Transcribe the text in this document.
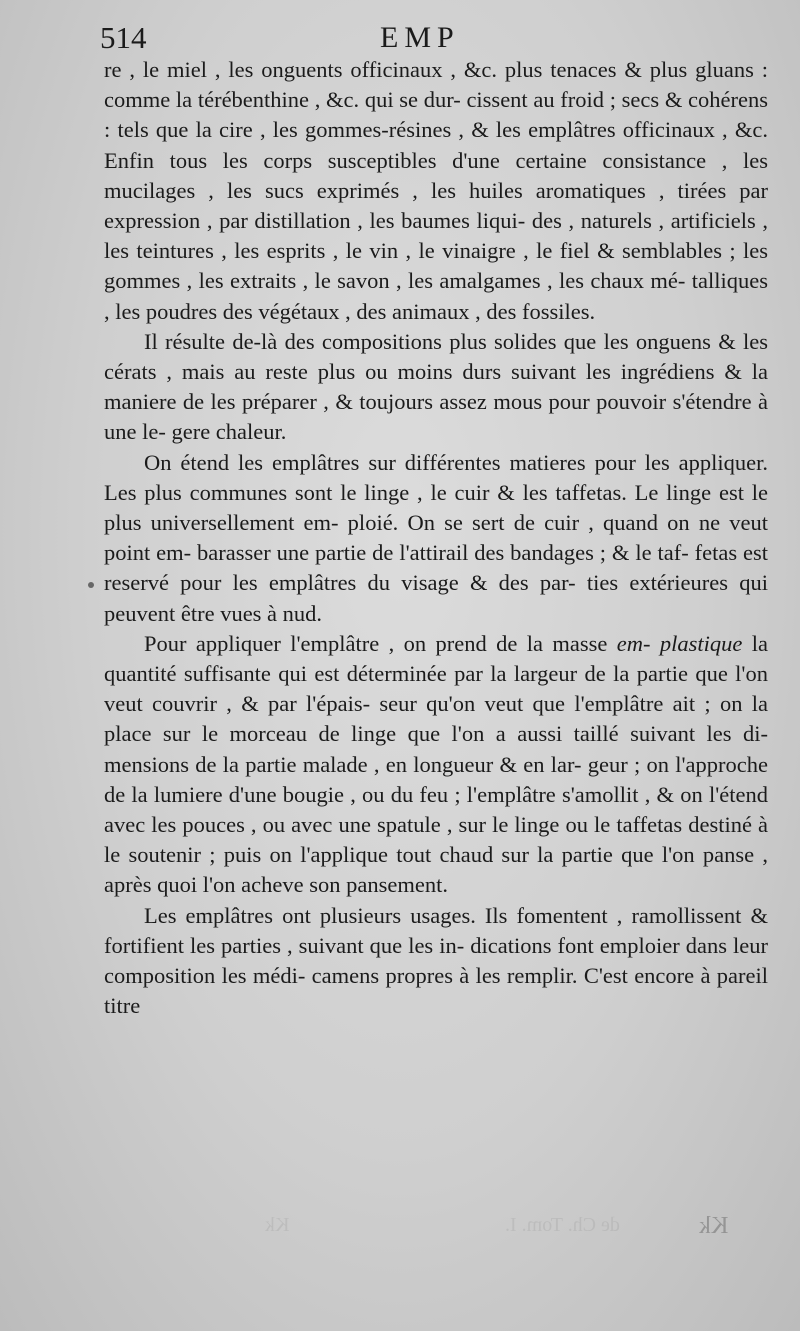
514	EMP

re , le miel , les onguents officinaux , &c. plus tenaces & plus gluans : comme la térébenthine , &c. qui se dur- cissent au froid ; secs & cohérens : tels que la cire , les gommes-résines , & les emplâtres officinaux , &c. Enfin tous les corps susceptibles d'une certaine consistance , les mucilages , les sucs exprimés , les huiles aromatiques , tirées par expression , par distillation , les baumes liqui- des , naturels , artificiels , les teintures , les esprits , le vin , le vinaigre , le fiel & semblables ; les gommes , les extraits , le savon , les amalgames , les chaux mé- talliques , les poudres des végétaux , des animaux , des fossiles.

Il résulte de-là des compositions plus solides que les onguens & les cérats , mais au reste plus ou moins durs suivant les ingrédiens & la maniere de les préparer , & toujours assez mous pour pouvoir s'étendre à une le- gere chaleur.

On étend les emplâtres sur différentes matieres pour les appliquer. Les plus communes sont le linge , le cuir & les taffetas. Le linge est le plus universellement em- ploié. On se sert de cuir , quand on ne veut point em- barasser une partie de l'attirail des bandages ; & le taf- fetas est reservé pour les emplâtres du visage & des par- ties extérieures qui peuvent être vues à nud.

Pour appliquer l'emplâtre , on prend de la masse em- plastique la quantité suffisante qui est déterminée par la largeur de la partie que l'on veut couvrir , & par l'épais- seur qu'on veut que l'emplâtre ait ; on la place sur le morceau de linge que l'on a aussi taillé suivant les di- mensions de la partie malade , en longueur & en lar- geur ; on l'approche de la lumiere d'une bougie , ou du feu ; l'emplâtre s'amollit , & on l'étend avec les pouces , ou avec une spatule , sur le linge ou le taffetas destiné à le soutenir ; puis on l'applique tout chaud sur la partie que l'on panse , après quoi l'on acheve son pansement.

Les emplâtres ont plusieurs usages. Ils fomentent , ramollissent & fortifient les parties , suivant que les in- dications font emploier dans leur composition les médi- camens propres à les remplir. C'est encore à pareil titre

Kk
de Ch. Tom. I.
Kk
